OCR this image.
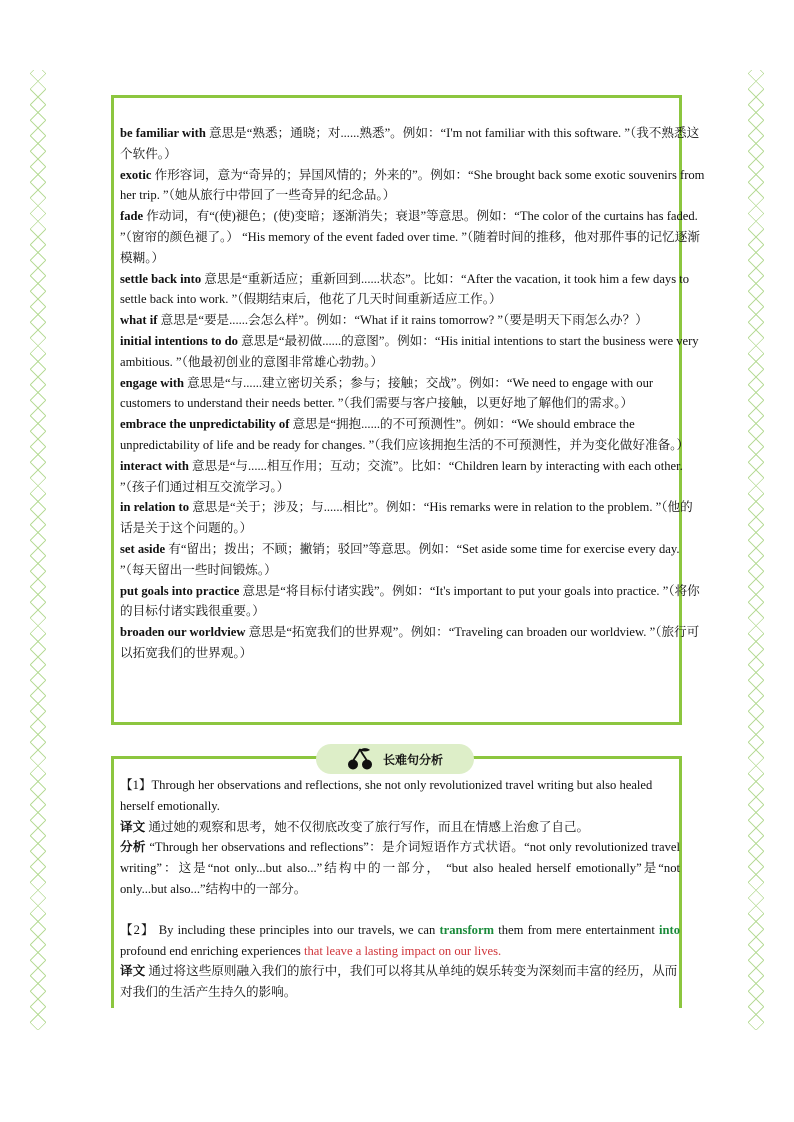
be familiar with 意思是“熟悉；通晓；对......熟悉”。例如：“I'm not familiar with this software. ”（我不熟悉这个软件。）

exotic 作形容词，意为“奇异的；异国风情的；外来的”。例如：“She brought back some exotic souvenirs from her trip. ”（她从旅行中带回了一些奇异的纪念品。）

fade 作动词，有“(使)褪色；(使)变暗；逐渐消失；衰退”等意思。例如：“The color of the curtains has faded. ”（窗帘的颜色褪了。） “His memory of the event faded over time. ”（随着时间的推移，他对那件事的记忆逐渐模糊。）

settle back into 意思是“重新适应；重新回到......状态”。比如：“After the vacation, it took him a few days to settle back into work. ”（假期结束后，他花了几天时间重新适应工作。）

what if 意思是“要是......会怎么样”。例如：“What if it rains tomorrow? ”（要是明天下雨怎么办？）

initial intentions to do 意思是“最初做......的意图”。例如：“His initial intentions to start the business were very ambitious. ”（他最初创业的意图非常雄心勃勃。）

engage with 意思是“与......建立密切关系；参与；接触；交战”。例如：“We need to engage with our customers to understand their needs better. ”（我们需要与客户接触，以更好地了解他们的需求。）

embrace the unpredictability of 意思是“拥抱......的不可预测性”。例如：“We should embrace the unpredictability of life and be ready for changes. ”（我们应该拥抱生活的不可预测性，并为变化做好准备。）

interact with 意思是“与......相互作用；互动；交流”。比如：“Children learn by interacting with each other. ”（孩子们通过相互交流学习。）

in relation to 意思是“关于；涉及；与......相比”。例如：“His remarks were in relation to the problem. ”（他的话是关于这个问题的。）

set aside 有“留出；拨出；不顾；撇销；驳回”等意思。例如：“Set aside some time for exercise every day. ”（每天留出一些时间锻炼。）

put goals into practice 意思是“将目标付诸实践”。例如：“It's important to put your goals into practice. ”（将你的目标付诸实践很重要。）

broaden our worldview 意思是“拓宽我们的世界观”。例如：“Traveling can broaden our worldview. ”（旅行可以拓宽我们的世界观。）

长难句分析

【1】Through her observations and reflections, she not only revolutionized travel writing but also healed herself emotionally.

译文 通过她的观察和思考，她不仅彻底改变了旅行写作，而且在情感上治愈了自己。

分析 “Through her observations and reflections”：是介词短语作方式状语。“not only revolutionized travel writing”：这是“not only...but also...”结构中的一部分， “but also healed herself emotionally”是“not only...but also...”结构中的一部分。

【2】 By including these principles into our travels, we can transform them from mere entertainment into profound end enriching experiences that leave a lasting impact on our lives.

译文 通过将这些原则融入我们的旅行中，我们可以将其从单纯的娱乐转变为深刻而丰富的经历，从而对我们的生活产生持久的影响。
